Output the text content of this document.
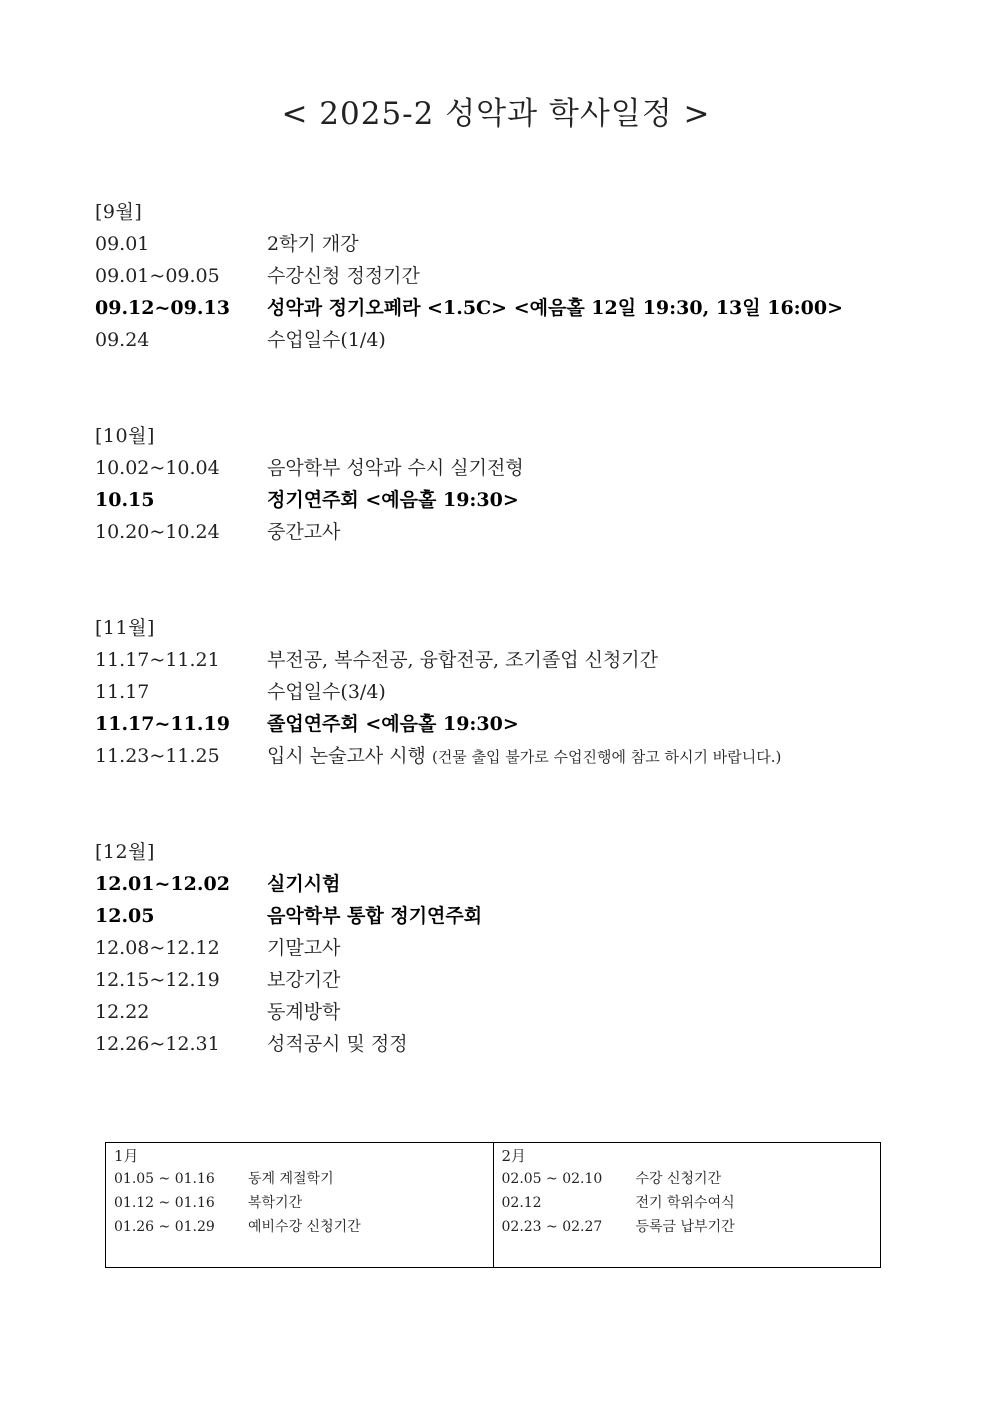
< 2025-2 성악과 학사일정 >
[9월]
09.01	2학기 개강
09.01~09.05 수강신청 정정기간
09.12~09.13 성악과 정기오페라 <1.5C> <예음홀 12일 19:30, 13일 16:00>
09.24	수업일수(1/4)
[10월]
10.02~10.04 음악학부 성악과 수시 실기전형
10.15	정기연주회 <예음홀 19:30>
10.20~10.24 중간고사
[11월]
11.17~11.21 부전공, 복수전공, 융합전공, 조기졸업 신청기간
11.17	수업일수(3/4)
11.17~11.19 졸업연주회 <예음홀 19:30>
11.23~11.25 입시 논술고사 시행 (건물 출입 불가로 수업진행에 참고 하시기 바랍니다.)
[12월]
12.01~12.02 실기시험
12.05	음악학부 통합 정기연주회
12.08~12.12 기말고사
12.15~12.19 보강기간
12.22	동계방학
12.26~12.31 성적공시 및 정정
1月
01.05 ~ 01.16 동계 계절학기
01.12 ~ 01.16 복학기간
01.26 ~ 01.29 예비수강 신청기간
2月
02.05 ~ 02.10 수강 신청기간
02.12	전기 학위수여식
02.23 ~ 02.27 등록금 납부기간
